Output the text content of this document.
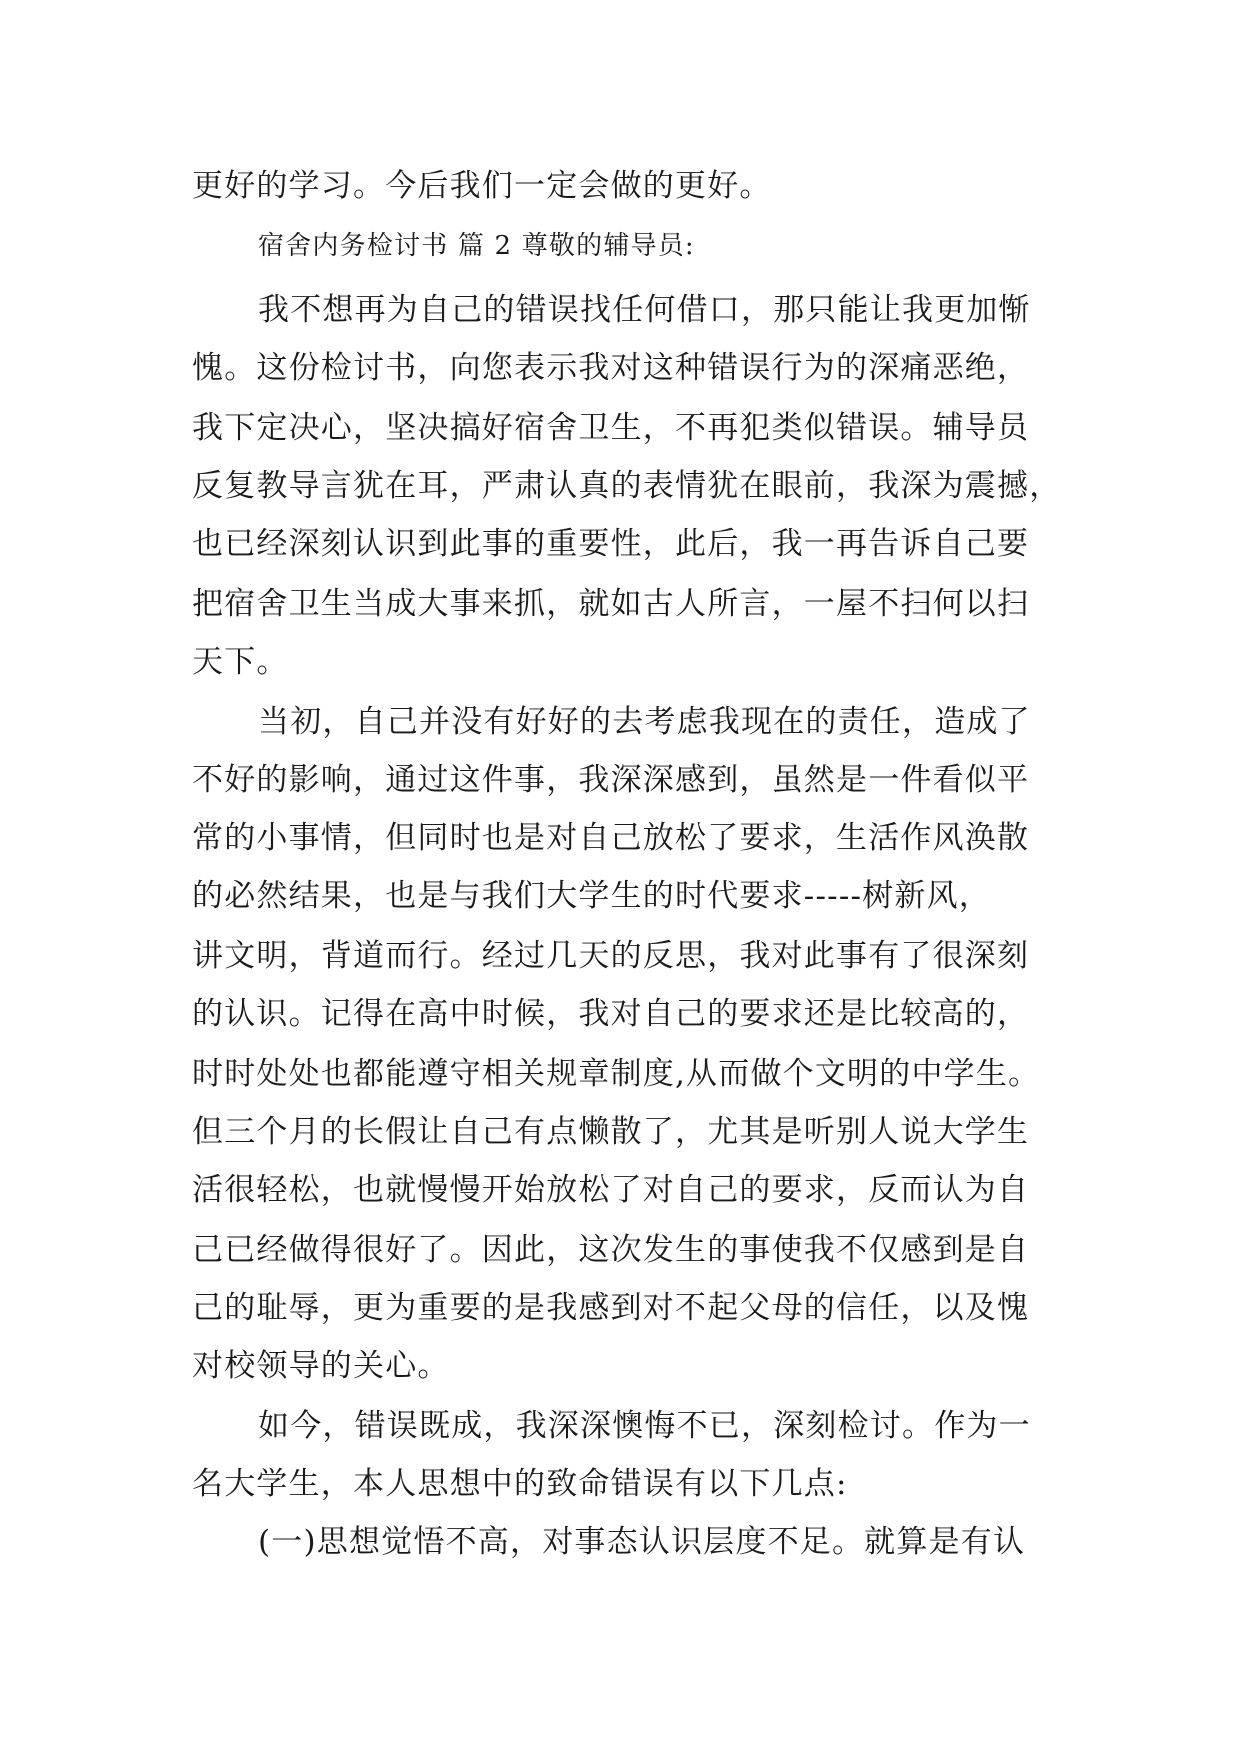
更好的学习。今后我们一定会做的更好。
宿舍内务检讨书 篇 2 尊敬的辅导员:
我不想再为自己的错误找任何借口，那只能让我更加惭
愧。这份检讨书，向您表示我对这种错误行为的深痛恶绝，
我下定决心，坚决搞好宿舍卫生，不再犯类似错误。辅导员
反复教导言犹在耳，严肃认真的表情犹在眼前，我深为震撼，
也已经深刻认识到此事的重要性，此后，我一再告诉自己要
把宿舍卫生当成大事来抓，就如古人所言，一屋不扫何以扫
天下。
当初，自己并没有好好的去考虑我现在的责任，造成了
不好的影响，通过这件事，我深深感到，虽然是一件看似平
常的小事情，但同时也是对自己放松了要求，生活作风涣散
的必然结果，也是与我们大学生的时代要求-----树新风，
讲文明，背道而行。经过几天的反思，我对此事有了很深刻
的认识。记得在高中时候，我对自己的要求还是比较高的，
时时处处也都能遵守相关规章制度,从而做个文明的中学生。
但三个月的长假让自己有点懒散了，尤其是听别人说大学生
活很轻松，也就慢慢开始放松了对自己的要求，反而认为自
己已经做得很好了。因此，这次发生的事使我不仅感到是自
己的耻辱，更为重要的是我感到对不起父母的信任，以及愧
对校领导的关心。
如今，错误既成，我深深懊悔不已，深刻检讨。作为一
名大学生，本人思想中的致命错误有以下几点:
(一)思想觉悟不高，对事态认识层度不足。就算是有认
